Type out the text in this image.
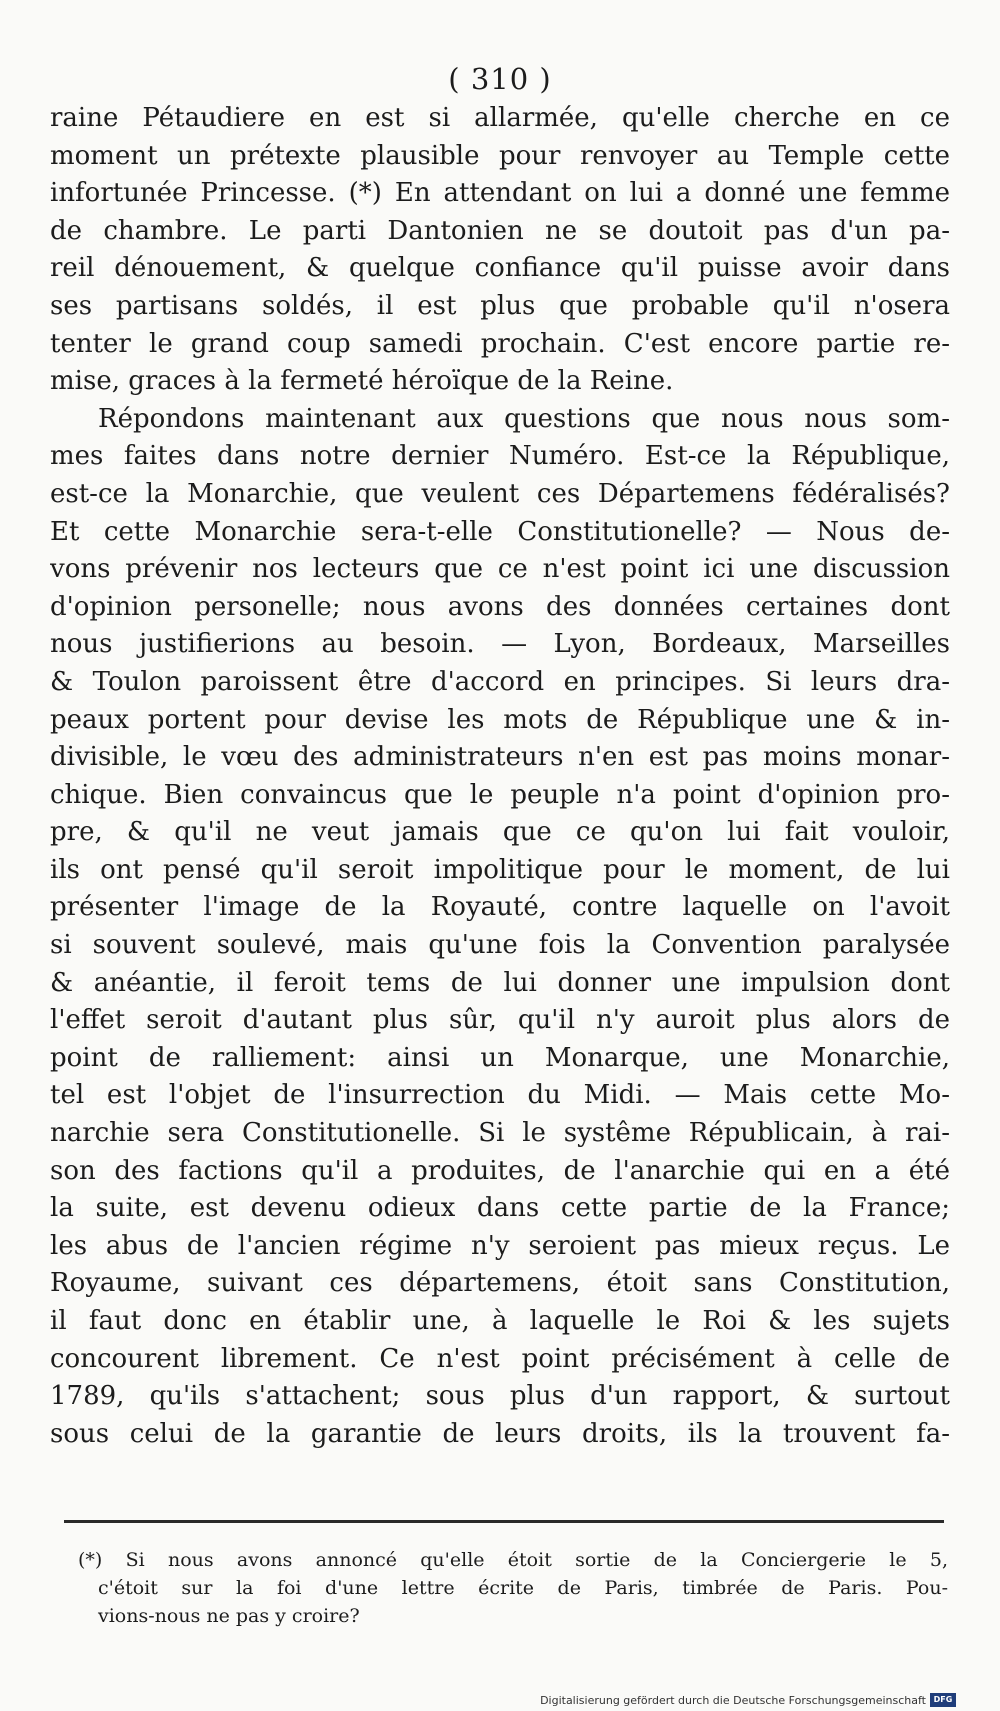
( 310 )
raine Pétaudiere en est si allarmée, qu'elle cherche en ce
moment un prétexte plausible pour renvoyer au Temple cette
infortunée Princesse. (*) En attendant on lui a donné une femme
de chambre. Le parti Dantonien ne se doutoit pas d'un pa-
reil dénouement, & quelque confiance qu'il puisse avoir dans
ses partisans soldés, il est plus que probable qu'il n'osera
tenter le grand coup samedi prochain. C'est encore partie re-
mise, graces à la fermeté héroïque de la Reine.
Répondons maintenant aux questions que nous nous som-
mes faites dans notre dernier Numéro. Est-ce la République,
est-ce la Monarchie, que veulent ces Départemens fédéralisés?
Et cette Monarchie sera-t-elle Constitutionelle? — Nous de-
vons prévenir nos lecteurs que ce n'est point ici une discussion
d'opinion personelle; nous avons des données certaines dont
nous justifierions au besoin. — Lyon, Bordeaux, Marseilles
& Toulon paroissent être d'accord en principes. Si leurs dra-
peaux portent pour devise les mots de République une & in-
divisible, le vœu des administrateurs n'en est pas moins monar-
chique. Bien convaincus que le peuple n'a point d'opinion pro-
pre, & qu'il ne veut jamais que ce qu'on lui fait vouloir,
ils ont pensé qu'il seroit impolitique pour le moment, de lui
présenter l'image de la Royauté, contre laquelle on l'avoit
si souvent soulevé, mais qu'une fois la Convention paralysée
& anéantie, il feroit tems de lui donner une impulsion dont
l'effet seroit d'autant plus sûr, qu'il n'y auroit plus alors de
point de ralliement: ainsi un Monarque, une Monarchie,
tel est l'objet de l'insurrection du Midi. — Mais cette Mo-
narchie sera Constitutionelle. Si le systême Républicain, à rai-
son des factions qu'il a produites, de l'anarchie qui en a été
la suite, est devenu odieux dans cette partie de la France;
les abus de l'ancien régime n'y seroient pas mieux reçus. Le
Royaume, suivant ces départemens, étoit sans Constitution,
il faut donc en établir une, à laquelle le Roi & les sujets
concourent librement. Ce n'est point précisément à celle de
1789, qu'ils s'attachent; sous plus d'un rapport, & surtout
sous celui de la garantie de leurs droits, ils la trouvent fa-
(*) Si nous avons annoncé qu'elle étoit sortie de la Conciergerie le 5,
c'étoit sur la foi d'une lettre écrite de Paris, timbrée de Paris. Pou-
vions-nous ne pas y croire?
Digitalisierung gefördert durch die Deutsche Forschungsgemeinschaft DFG
